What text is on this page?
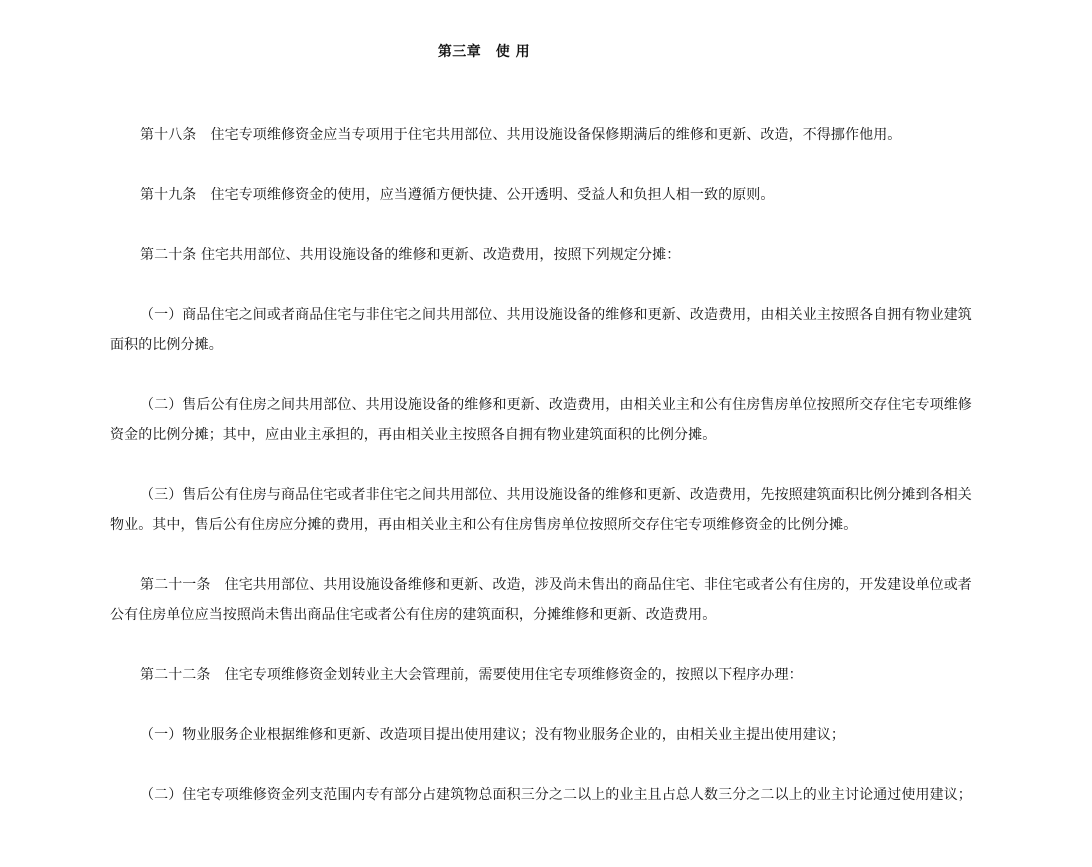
第三章　使 用

第十八条　住宅专项维修资金应当专项用于住宅共用部位、共用设施设备保修期满后的维修和更新、改造，不得挪作他用。

第十九条　住宅专项维修资金的使用，应当遵循方便快捷、公开透明、受益人和负担人相一致的原则。

第二十条 住宅共用部位、共用设施设备的维修和更新、改造费用，按照下列规定分摊：

（一）商品住宅之间或者商品住宅与非住宅之间共用部位、共用设施设备的维修和更新、改造费用，由相关业主按照各自拥有物业建筑面积的比例分摊。

（二）售后公有住房之间共用部位、共用设施设备的维修和更新、改造费用，由相关业主和公有住房售房单位按照所交存住宅专项维修资金的比例分摊；其中，应由业主承担的，再由相关业主按照各自拥有物业建筑面积的比例分摊。

（三）售后公有住房与商品住宅或者非住宅之间共用部位、共用设施设备的维修和更新、改造费用，先按照建筑面积比例分摊到各相关物业。其中，售后公有住房应分摊的费用，再由相关业主和公有住房售房单位按照所交存住宅专项维修资金的比例分摊。

第二十一条　住宅共用部位、共用设施设备维修和更新、改造，涉及尚未售出的商品住宅、非住宅或者公有住房的，开发建设单位或者公有住房单位应当按照尚未售出商品住宅或者公有住房的建筑面积，分摊维修和更新、改造费用。

第二十二条　住宅专项维修资金划转业主大会管理前，需要使用住宅专项维修资金的，按照以下程序办理：

（一）物业服务企业根据维修和更新、改造项目提出使用建议；没有物业服务企业的，由相关业主提出使用建议；

（二）住宅专项维修资金列支范围内专有部分占建筑物总面积三分之二以上的业主且占总人数三分之二以上的业主讨论通过使用建议；
